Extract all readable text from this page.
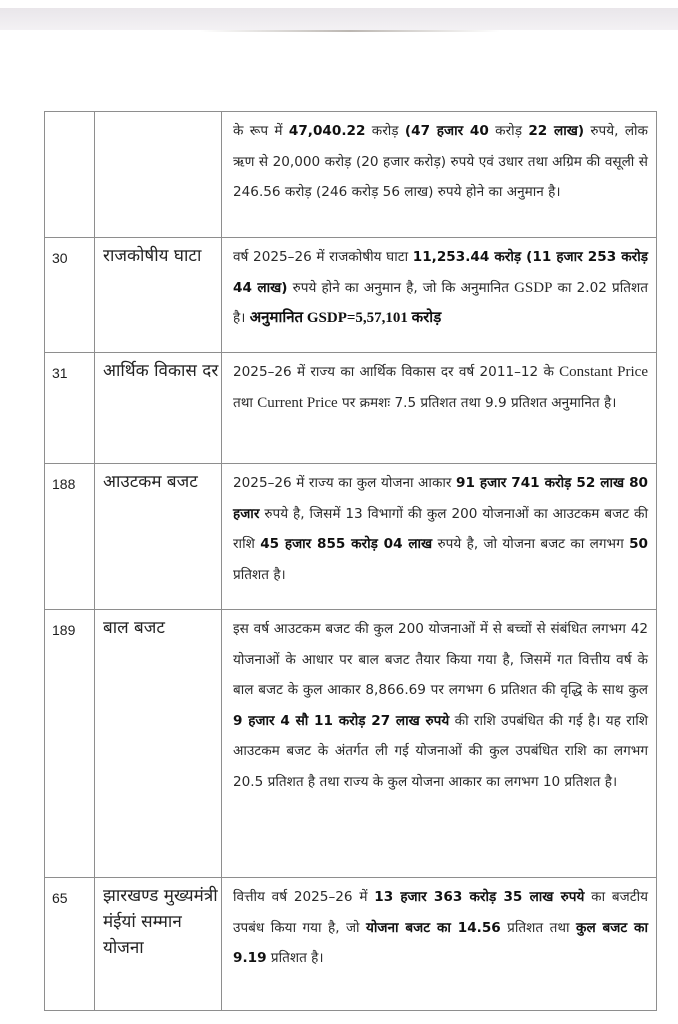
		के रूप में 47,040.22 करोड़ (47 हजार 40 करोड़ 22 लाख) रुपये, लोक ऋण से 20,000 करोड़ (20 हजार करोड़) रुपये एवं उधार तथा अग्रिम की वसूली से 246.56 करोड़ (246 करोड़ 56 लाख) रुपये होने का अनुमान है।
30	राजकोषीय घाटा	वर्ष 2025–26 में राजकोषीय घाटा 11,253.44 करोड़ (11 हजार 253 करोड़ 44 लाख) रुपये होने का अनुमान है, जो कि अनुमानित GSDP का 2.02 प्रतिशत है। अनुमानित GSDP=5,57,101 करोड़
31	आर्थिक विकास दर	2025–26 में राज्य का आर्थिक विकास दर वर्ष 2011–12 के Constant Price तथा Current Price पर क्रमशः 7.5 प्रतिशत तथा 9.9 प्रतिशत अनुमानित है।
188	आउटकम बजट	2025–26 में राज्य का कुल योजना आकार 91 हजार 741 करोड़ 52 लाख 80 हजार रुपये है, जिसमें 13 विभागों की कुल 200 योजनाओं का आउटकम बजट की राशि 45 हजार 855 करोड़ 04 लाख रुपये है, जो योजना बजट का लगभग 50 प्रतिशत है।
189	बाल बजट	इस वर्ष आउटकम बजट की कुल 200 योजनाओं में से बच्चों से संबंधित लगभग 42 योजनाओं के आधार पर बाल बजट तैयार किया गया है, जिसमें गत वित्तीय वर्ष के बाल बजट के कुल आकार 8,866.69 पर लगभग 6 प्रतिशत की वृद्धि के साथ कुल 9 हजार 4 सौ 11 करोड़ 27 लाख रुपये की राशि उपबंधित की गई है। यह राशि आउटकम बजट के अंतर्गत ली गई योजनाओं की कुल उपबंधित राशि का लगभग 20.5 प्रतिशत है तथा राज्य के कुल योजना आकार का लगभग 10 प्रतिशत है।
65	झारखण्ड मुख्यमंत्री मंईयां सम्मान योजना	वित्तीय वर्ष 2025–26 में 13 हजार 363 करोड़ 35 लाख रुपये का बजटीय उपबंध किया गया है, जो योजना बजट का 14.56 प्रतिशत तथा कुल बजट का 9.19 प्रतिशत है।
